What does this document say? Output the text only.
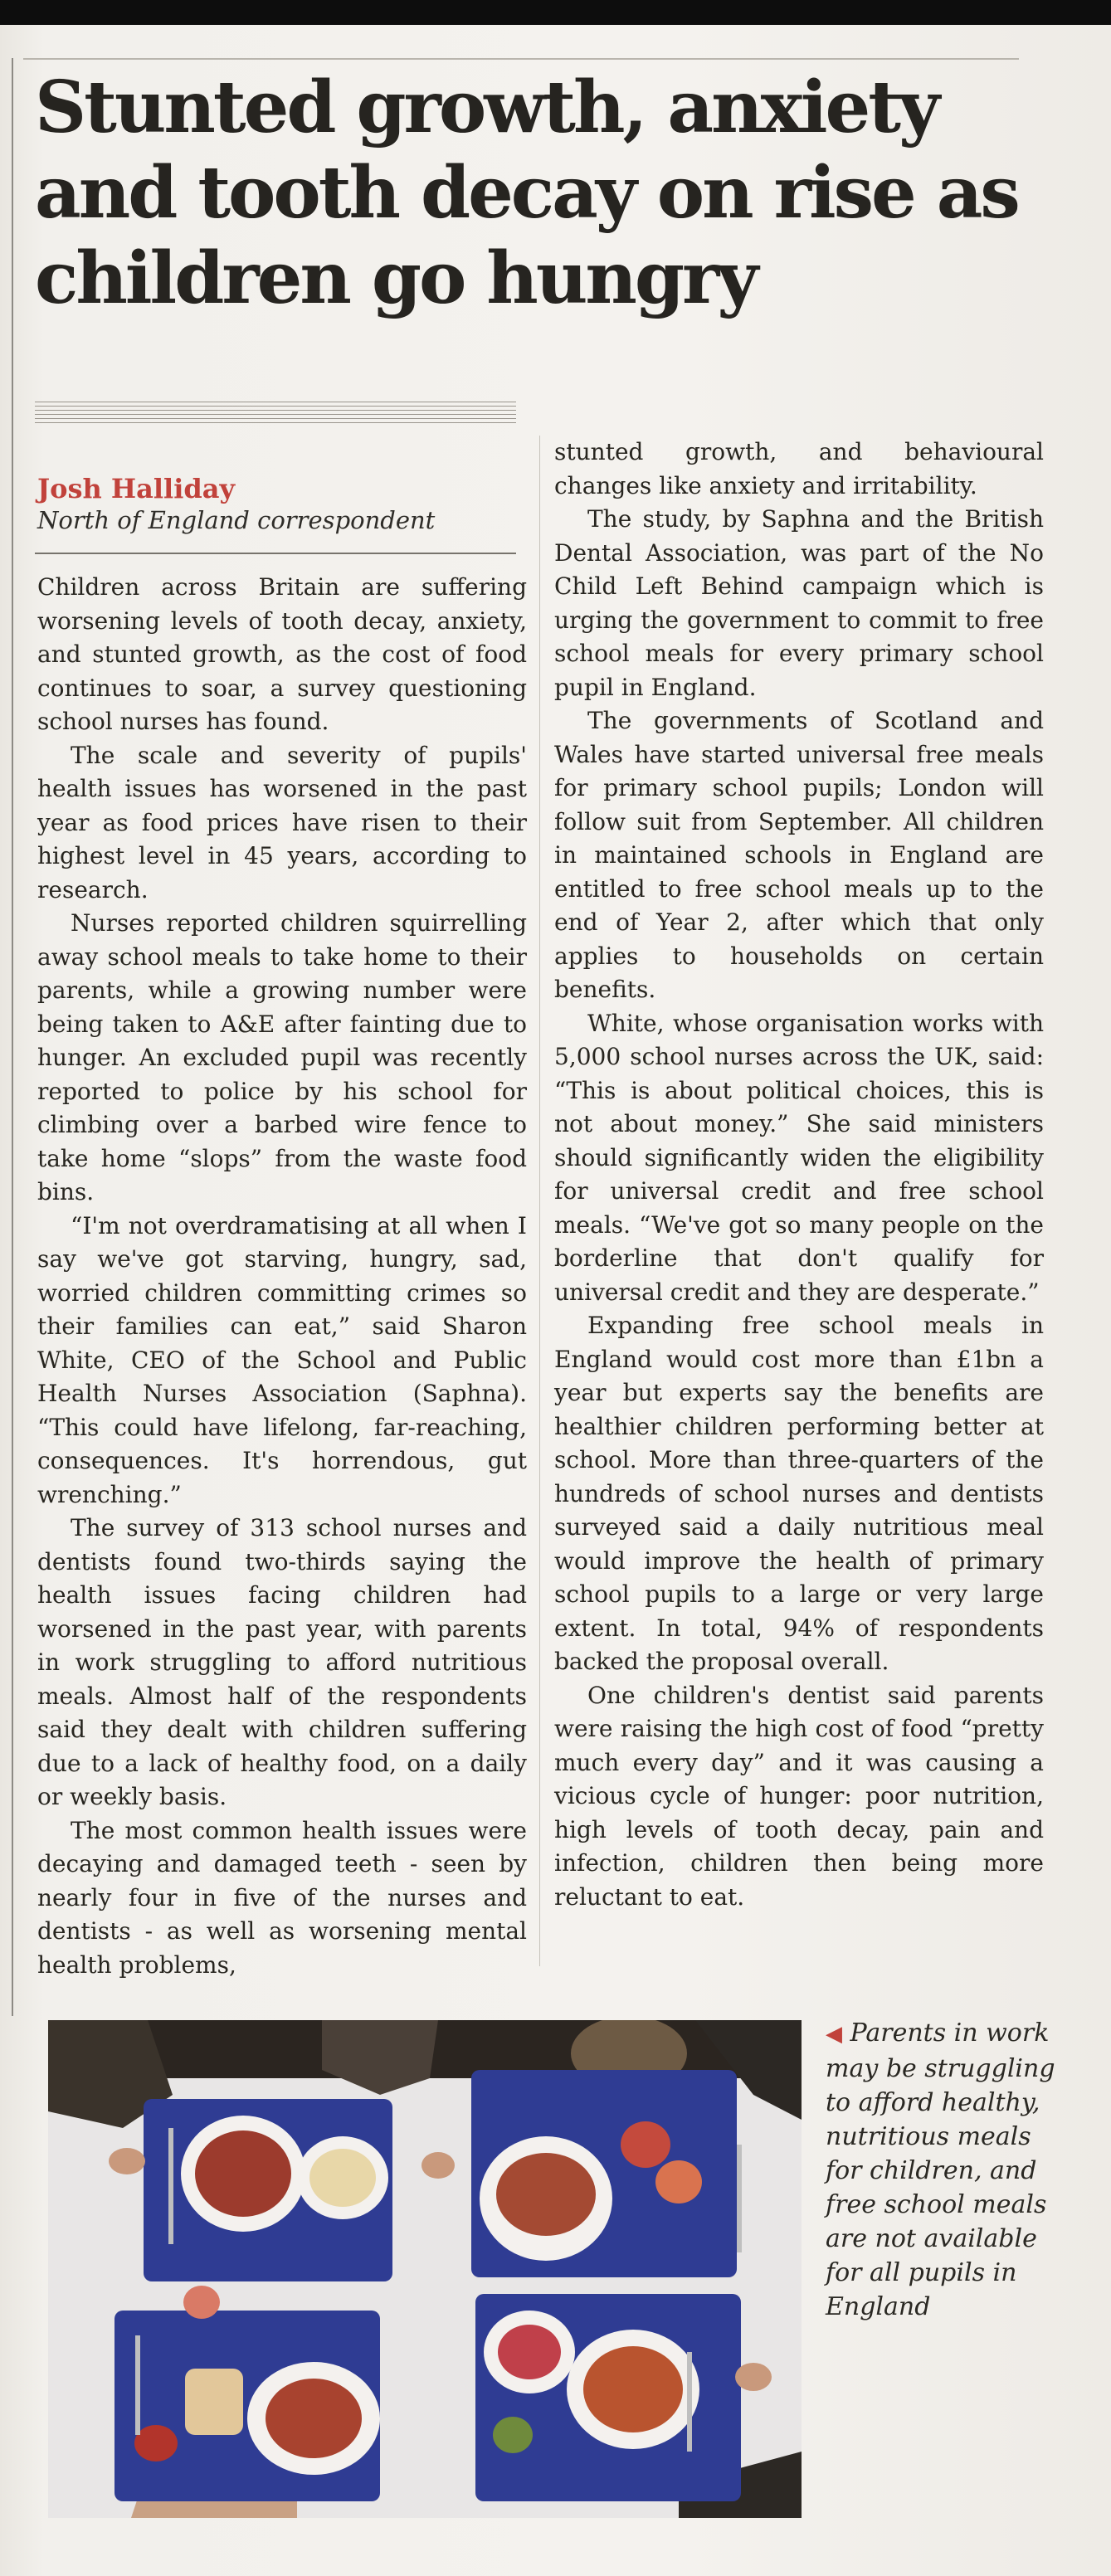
Stunted growth, anxiety and tooth decay on rise as children go hungry
Josh Halliday
North of England correspondent

Children across Britain are suffering worsening levels of tooth decay, anxiety, and stunted growth, as the cost of food continues to soar, a survey questioning school nurses has found.

The scale and severity of pupils' health issues has worsened in the past year as food prices have risen to their highest level in 45 years, according to research.

Nurses reported children squirrelling away school meals to take home to their parents, while a growing number were being taken to A&E after fainting due to hunger. An excluded pupil was recently reported to police by his school for climbing over a barbed wire fence to take home “slops” from the waste food bins.

“I'm not overdramatising at all when I say we've got starving, hungry, sad, worried children committing crimes so their families can eat,” said Sharon White, CEO of the School and Public Health Nurses Association (Saphna). “This could have lifelong, far-reaching, consequences. It's horrendous, gut wrenching.”

The survey of 313 school nurses and dentists found two-thirds saying the health issues facing children had worsened in the past year, with parents in work struggling to afford nutritious meals. Almost half of the respondents said they dealt with children suffering due to a lack of healthy food, on a daily or weekly basis.

The most common health issues were decaying and damaged teeth - seen by nearly four in five of the nurses and dentists - as well as worsening mental health problems,

stunted growth, and behavioural changes like anxiety and irritability.

The study, by Saphna and the British Dental Association, was part of the No Child Left Behind campaign which is urging the government to commit to free school meals for every primary school pupil in England.

The governments of Scotland and Wales have started universal free meals for primary school pupils; London will follow suit from September. All children in maintained schools in England are entitled to free school meals up to the end of Year 2, after which that only applies to households on certain benefits.

White, whose organisation works with 5,000 school nurses across the UK, said: “This is about political choices, this is not about money.” She said ministers should significantly widen the eligibility for universal credit and free school meals. “We've got so many people on the borderline that don't qualify for universal credit and they are desperate.”

Expanding free school meals in England would cost more than £1bn a year but experts say the benefits are healthier children performing better at school. More than three-quarters of the hundreds of school nurses and dentists surveyed said a daily nutritious meal would improve the health of primary school pupils to a large or very large extent. In total, 94% of respondents backed the proposal overall.

One children's dentist said parents were raising the high cost of food “pretty much every day” and it was causing a vicious cycle of hunger: poor nutrition, high levels of tooth decay, pain and infection, children then being more reluctant to eat.

◀ Parents in work may be struggling to afford healthy, nutritious meals for children, and free school meals are not available for all pupils in England
